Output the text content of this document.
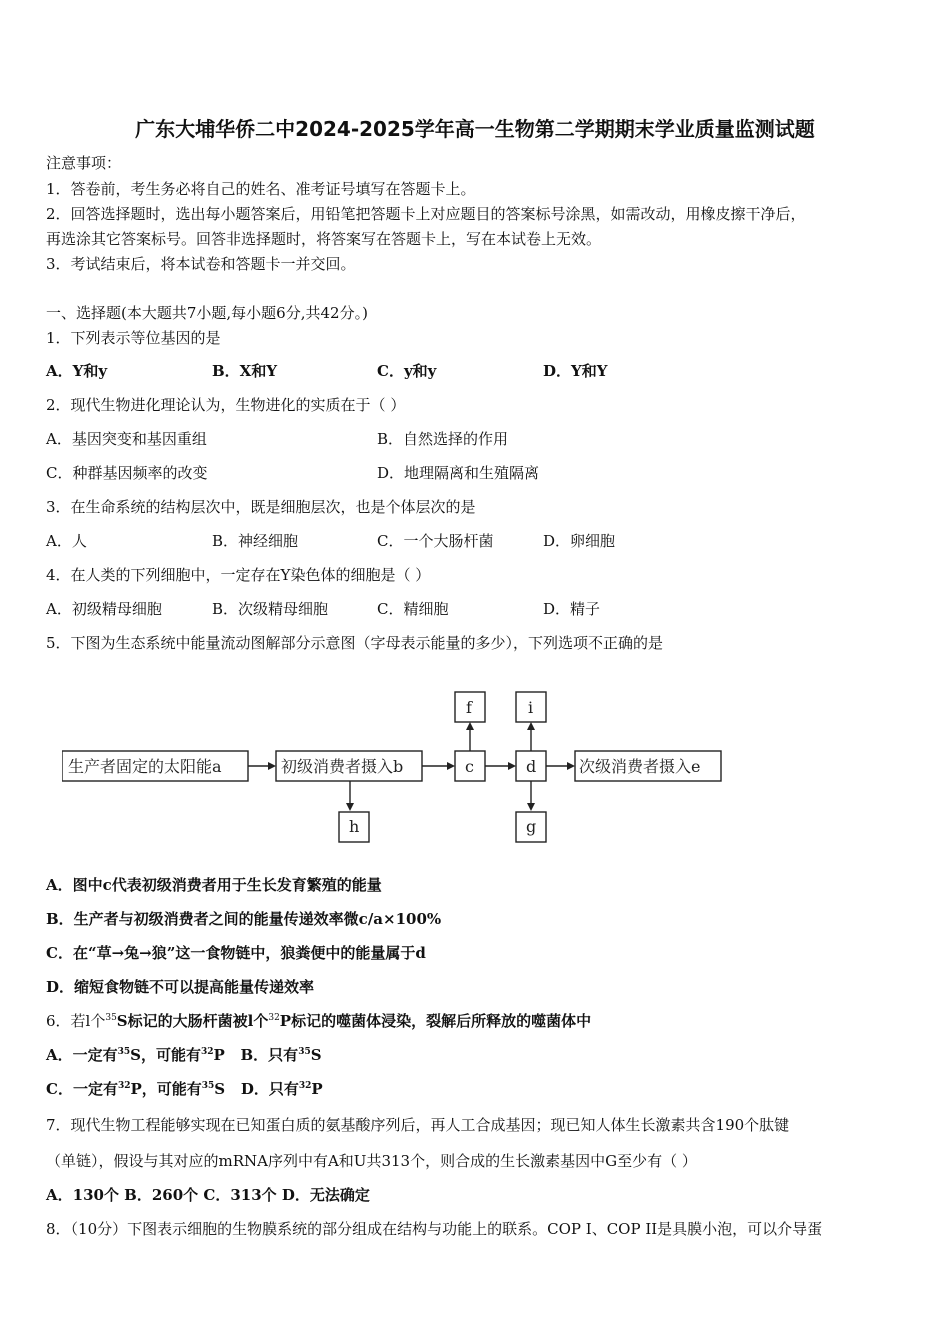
广东大埔华侨二中2024-2025学年高一生物第二学期期末学业质量监测试题
注意事项：
1．答卷前，考生务必将自己的姓名、准考证号填写在答题卡上。
2．回答选择题时，选出每小题答案后，用铅笔把答题卡上对应题目的答案标号涂黑，如需改动，用橡皮擦干净后，
再选涂其它答案标号。回答非选择题时，将答案写在答题卡上，写在本试卷上无效。
3．考试结束后，将本试卷和答题卡一并交回。
一、选择题(本大题共7小题,每小题6分,共42分。)
1．下列表示等位基因的是
A．Y和y	B．X和Y	C．y和y	D．Y和Y
2．现代生物进化理论认为，生物进化的实质在于（ ）
A．基因突变和基因重组	B．自然选择的作用
C．种群基因频率的改变	D．地理隔离和生殖隔离
3．在生命系统的结构层次中，既是细胞层次，也是个体层次的是
A．人	B．神经细胞	C．一个大肠杆菌	D．卵细胞
4．在人类的下列细胞中，一定存在Y染色体的细胞是（ ）
A．初级精母细胞	B．次级精母细胞	C．精细胞	D．精子
5．下图为生态系统中能量流动图解部分示意图（字母表示能量的多少），下列选项不正确的是
生产者固定的太阳能a	初级消费者摄入b
h
c
f
d
i
g
次级消费者摄入e
A．图中c代表初级消费者用于生长发育繁殖的能量
B．生产者与初级消费者之间的能量传递效率微c/a×100%
C．在“草→兔→狼”这一食物链中，狼粪便中的能量属于d
D．缩短食物链不可以提高能量传递效率
6．若l个$^{35}$S标记的大肠杆菌被l个$^{32}$P标记的噬菌体浸染，裂解后所释放的噬菌体中
A．一定有$^{35}$S，可能有$^{32}$P B．只有$^{35}$S
C．一定有$^{32}$P，可能有$^{35}$S D．只有$^{32}$P
7．现代生物工程能够实现在已知蛋白质的氨基酸序列后，再人工合成基因；现已知人体生长激素共含190个肽键
（单链），假设与其对应的mRNA序列中有A和U共313个，则合成的生长激素基因中G至少有（ ）
A．130个 B．260个 C．313个 D．无法确定
8．（10分）下图表示细胞的生物膜系统的部分组成在结构与功能上的联系。COP I、COP II是具膜小泡，可以介导蛋
